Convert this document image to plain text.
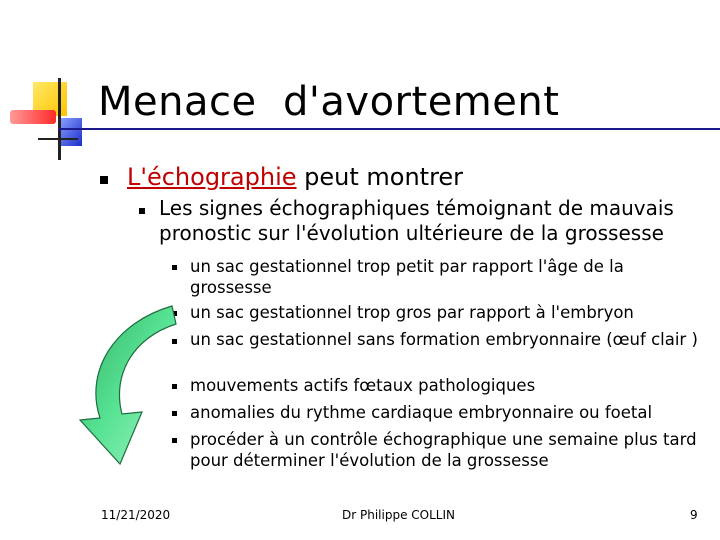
Menace  d'avortement
L'échographie peut montrer
Les signes échographiques témoignant de mauvais pronostic sur l'évolution ultérieure de la grossesse
un sac gestationnel trop petit par rapport l'âge de la grossesse
un sac gestationnel trop gros par rapport à l'embryon
un sac gestationnel sans formation embryonnaire (œuf clair )
mouvements actifs fœtaux pathologiques
anomalies du rythme cardiaque embryonnaire ou foetal
procéder à un contrôle échographique une semaine plus tard pour déterminer l'évolution de la grossesse
11/21/2020	Dr Philippe COLLIN	9
